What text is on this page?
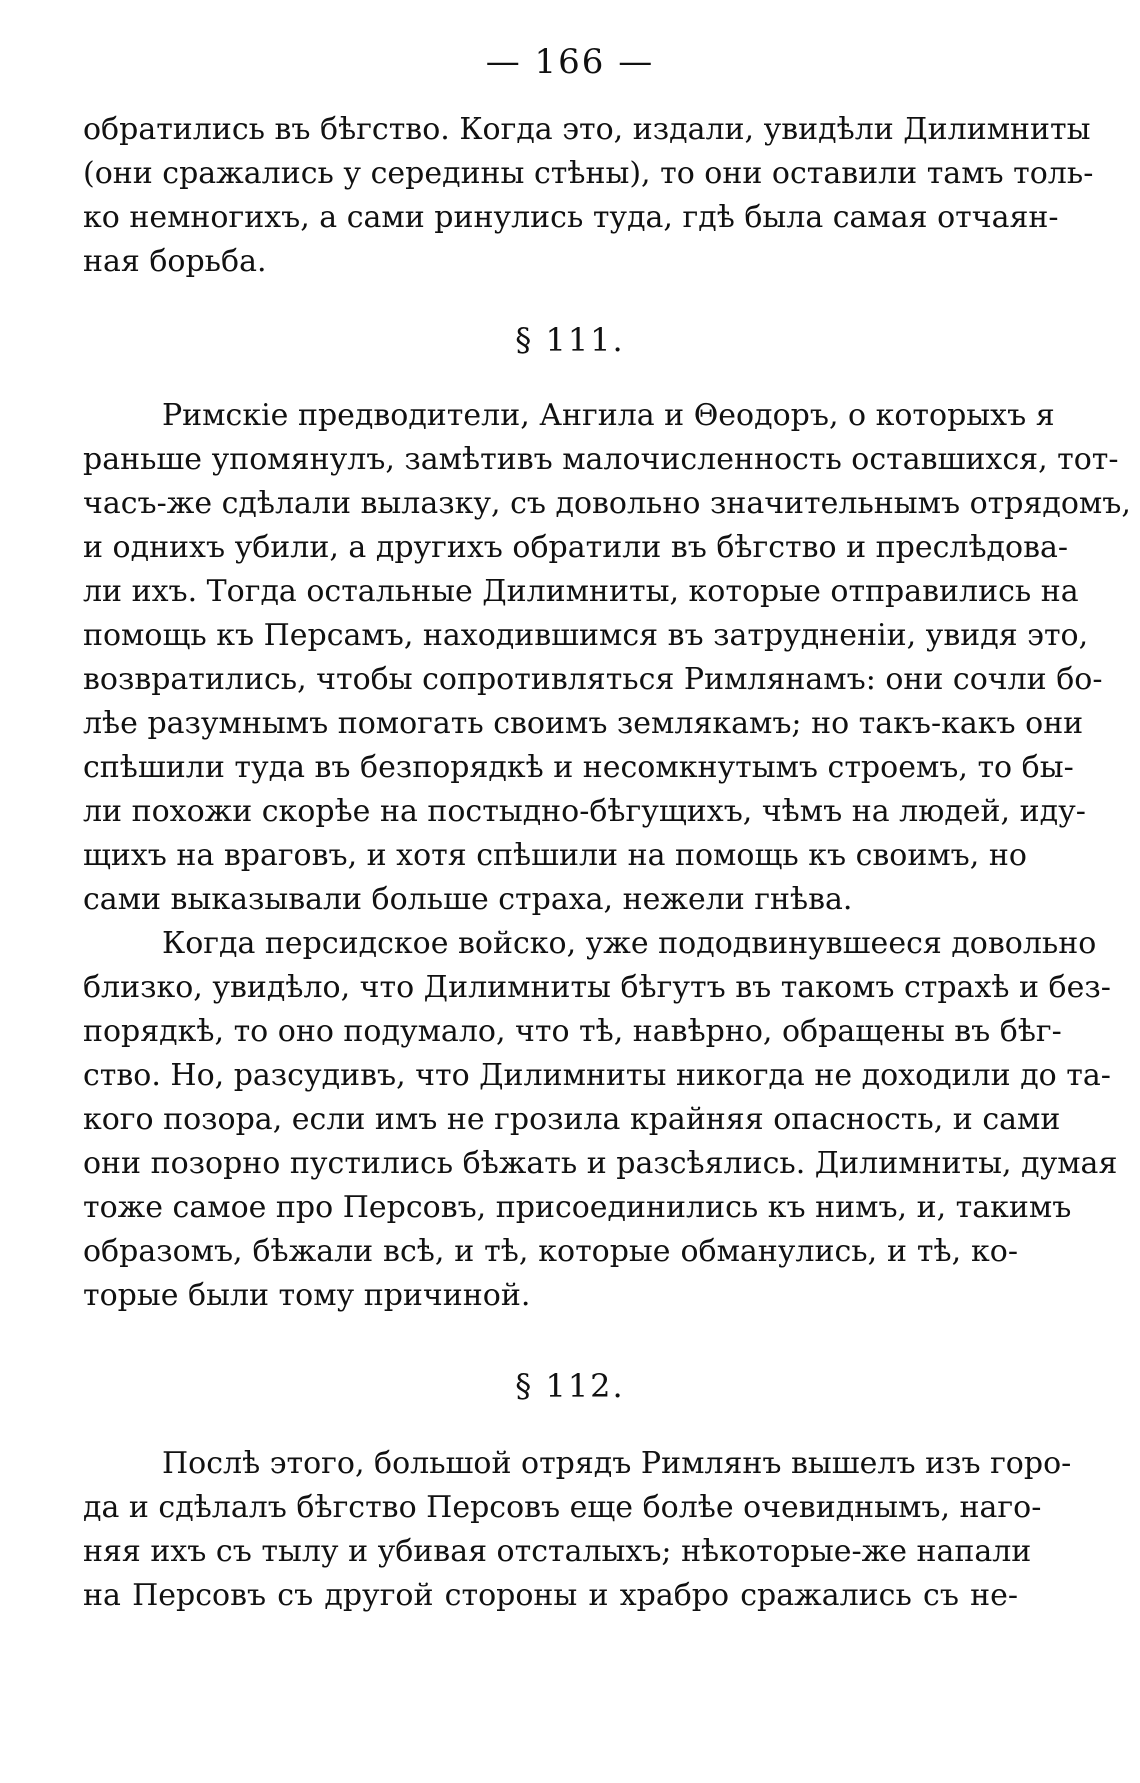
— 166 —
обратились въ бѣгство. Когда это, издали, увидѣли Дилимниты
(они сражались у середины стѣны), то они оставили тамъ толь-
ко немногихъ, а сами ринулись туда, гдѣ была самая отчаян-
ная борьба.
§ 111.
Римскіе предводители, Ангила и Θеодоръ, о которыхъ я
раньше упомянулъ, замѣтивъ малочисленность оставшихся, тот-
часъ-же сдѣлали вылазку, съ довольно значительнымъ отрядомъ,
и однихъ убили, а другихъ обратили въ бѣгство и преслѣдова-
ли ихъ. Тогда остальные Дилимниты, которые отправились на
помощь къ Персамъ, находившимся въ затрудненіи, увидя это,
возвратились, чтобы сопротивляться Римлянамъ: они сочли бо-
лѣе разумнымъ помогать своимъ землякамъ; но такъ-какъ они
спѣшили туда въ безпорядкѣ и несомкнутымъ строемъ, то бы-
ли похожи скорѣе на постыдно-бѣгущихъ, чѣмъ на людей, иду-
щихъ на враговъ, и хотя спѣшили на помощь къ своимъ, но
сами выказывали больше страха, нежели гнѣва.
Когда персидское войско, уже пододвинувшееся довольно
близко, увидѣло, что Дилимниты бѣгутъ въ такомъ страхѣ и без-
порядкѣ, то оно подумало, что тѣ, навѣрно, обращены въ бѣг-
ство. Но, разсудивъ, что Дилимниты никогда не доходили до та-
кого позора, если имъ не грозила крайняя опасность, и сами
они позорно пустились бѣжать и разсѣялись. Дилимниты, думая
тоже самое про Персовъ, присоединились къ нимъ, и, такимъ
образомъ, бѣжали всѣ, и тѣ, которые обманулись, и тѣ, ко-
торые были тому причиной.
§ 112.
Послѣ этого, большой отрядъ Римлянъ вышелъ изъ горо-
да и сдѣлалъ бѣгство Персовъ еще болѣе очевиднымъ, наго-
няя ихъ съ тылу и убивая отсталыхъ; нѣкоторые-же напали
на Персовъ съ другой стороны и храбро сражались съ не-
